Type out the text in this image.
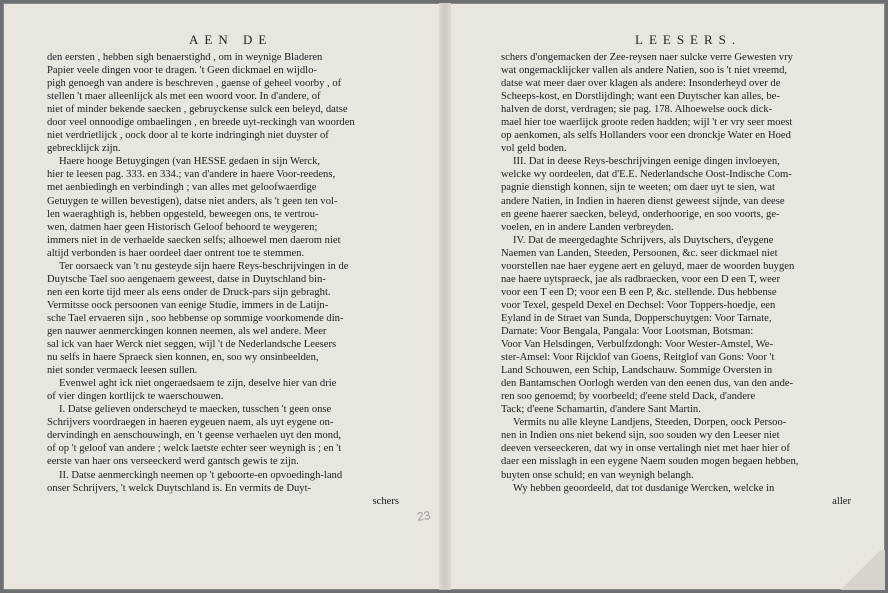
AEN DE
den eersten , hebben sigh benaerstighd , om in weynige Bladeren
Papier veele dingen voor te dragen. 't Geen dickmael en wijdlo-
pigh genoegh van andere is beschreven , gaense of geheel voorby , of
stellen 't maer alleenlijck als met een woord voor. In d'andere, of
niet of minder bekende saecken , gebruyckense sulck een beleyd, datse
door veel onnoodige ombaelingen , en breede uyt-reckingh van woorden
niet verdrietlijck , oock door al te korte indringingh niet duyster of
gebrecklijck zijn.
Haere hooge Betuygingen (van HESSE gedaen in sijn Werck,
hier te leesen pag. 333. en 334.; van d'andere in haere Voor-reedens,
met aenbiedingh en verbindingh ; van alles met geloofwaerdige
Getuygen te willen bevestigen), datse niet anders, als 't geen ten vol-
len waeraghtigh is, hebben opgesteld, beweegen ons, te vertrou-
wen, datmen haer geen Historisch Geloof behoord te weygeren;
immers niet in de verhaelde saecken selfs; alhoewel men daerom niet
altijd verbonden is haer oordeel daer ontrent toe te stemmen.
Ter oorsaeck van 't nu gesteyde sijn haere Reys-beschrijvingen in de
Duytsche Tael soo aengenaem geweest, datse in Duytschland bin-
nen een korte tijd meer als eens onder de Druck-pars sijn gebraght.
Vermitsse oock persoonen van eenige Studie, immers in de Latijn-
sche Tael ervaeren sijn , soo hebbense op sommige voorkomende din-
gen nauwer aenmerckingen konnen neemen, als wel andere. Meer
sal ick van haer Werck niet seggen, wijl 't de Nederlandsche Leesers
nu selfs in haere Spraeck sien konnen, en, soo wy onsinbeelden,
niet sonder vermaeck leesen sullen.
Evenwel aght ick niet ongeraedsaem te zijn, deselve hier van drie
of vier dingen kortlijck te waerschouwen.
I. Datse gelieven onderscheyd te maecken, tusschen 't geen onse
Schrijvers voordraegen in haeren eygeuen naem, als uyt eygene on-
dervindingh en aenschouwingh, en 't geense verhaelen uyt den mond,
of op 't geloof van andere ; welck laetste echter seer weynigh is ; en 't
eerste van haer ons verseeckerd werd gantsch gewis te zijn.
II. Datse aenmerckingh neemen op 't geboorte-en opvoedingh-land
onser Schrijvers, 't welck Duytschland is. En vermits de Duyt-
schers
LEESERS.
schers d'ongemacken der Zee-reysen naer sulcke verre Gewesten vry
wat ongemacklijcker vallen als andere Natien, soo is 't niet vreemd,
datse wat meer daer over klagen als andere: Insonderheyd over de
Scheeps-kost, en Dorstlijdingh; want een Duytscher kan alles, be-
halven de dorst, verdragen; sie pag. 178. Alhoewelse oock dick-
mael hier toe waerlijck groote reden hadden; wijl 't er vry seer moest
op aenkomen, als selfs Hollanders voor een dronckje Water en Hoed
vol geld boden.
III. Dat in deese Reys-beschrijvingen eenige dingen invloeyen,
welcke wy oordeelen, dat d'E.E. Nederlandsche Oost-Indische Com-
pagnie dienstigh konnen, sijn te weeten; om daer uyt te sien, wat
andere Natien, in Indien in haeren dienst geweest sijnde, van deese
en geene haerer saecken, beleyd, onderhoorige, en soo voorts, ge-
voelen, en in andere Landen verbreyden.
IV. Dat de meergedaghte Schrijvers, als Duytschers, d'eygene
Naemen van Landen, Steeden, Persoonen, &c. seer dickmael niet
voorstellen nae haer eygene aert en geluyd, maer de woorden buygen
nae haere uytspraeck, jae als radbraecken, voor een D een T, weer
voor een T een D; voor een B een P, &c. stellende. Dus hebbense
voor Texel, gespeld Dexel en Dechsel: Voor Toppers-hoedje, een
Eyland in de Straet van Sunda, Dopperschuytgen: Voor Tarnate,
Darnate: Voor Bengala, Pangala: Voor Lootsman, Botsman:
Voor Van Helsdingen, Verbulfzdongh: Voor Wester-Amstel, We-
ster-Amsel: Voor Rijcklof van Goens, Reitglof van Gons: Voor 't
Land Schouwen, een Schip, Landschauw. Sommige Oversten in
den Bantamschen Oorlogh werden van den eenen dus, van den ande-
ren soo genoemd; by voorbeeld; d'eene steld Dack, d'andere
Tack; d'eene Schamartin, d'andere Sant Martin.
Vermits nu alle kleyne Landjens, Steeden, Dorpen, oock Persoo-
nen in Indien ons niet bekend sijn, soo souden wy den Leeser niet
deeven verseeckeren, dat wy in onse vertalingh niet met haer hier of
daer een misslagh in een eygene Naem souden mogen begaen hebben,
buyten onse schuld; en van weynigh belangh.
Wy hebben geoordeeld, dat tot dusdanige Wercken, welcke in
aller
23
